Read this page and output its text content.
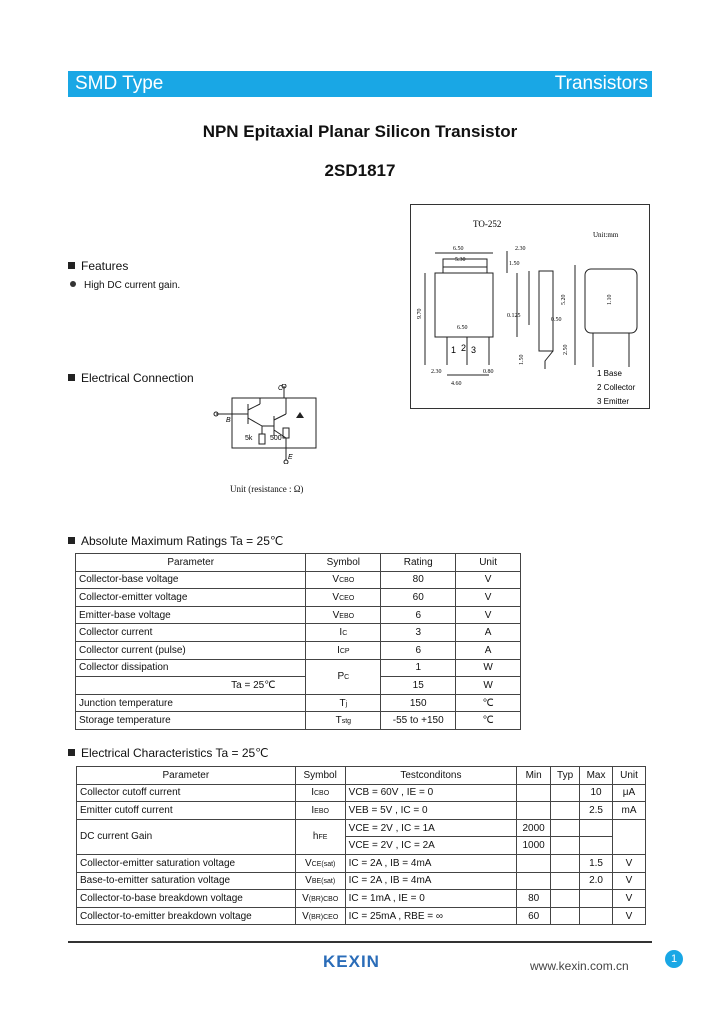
SMD Type	Transistors
NPN Epitaxial Planar Silicon Transistor
2SD1817
Features
High DC current gain.
Electrical Connection
B
C
E
5k	500
Unit (resistance : Ω)
TO-252
Unit:mm
6.50
5.30
2.30
1.50
9.70	0.125
6.50
1.50
2.30
4.60
0.80
2.50
0.50
5.20	1.10
1 2 3
1 Base
2 Collector
3 Emitter
Absolute Maximum Ratings Ta = 25℃
Parameter	Symbol	Rating	Unit
Collector-base voltage	VCBO	80	V
Collector-emitter voltage	VCEO	60	V
Emitter-base voltage	VEBO	6	V
Collector current	IC	3	A
Collector current (pulse)	ICP	6	A
Collector dissipation	PC	1	W
Ta = 25℃		15	W
Junction temperature	Tj	150	℃
Storage temperature	Tstg	-55 to +150	℃
Electrical Characteristics Ta = 25℃
Parameter	Symbol	Testconditons	Min	Typ	Max	Unit
Collector cutoff current	ICBO	VCB = 60V , IE = 0			10	μA
Emitter cutoff current	IEBO	VEB = 5V , IC = 0			2.5	mA
DC current Gain	hFE	VCE = 2V , IC = 1A	2000			
		VCE = 2V , IC = 2A	1000			
Collector-emitter saturation voltage	VCE(sat)	IC = 2A , IB = 4mA			1.5	V
Base-to-emitter saturation voltage	VBE(sat)	IC = 2A , IB = 4mA			2.0	V
Collector-to-base breakdown voltage	V(BR)CBO	IC = 1mA , IE = 0	80			V
Collector-to-emitter breakdown voltage	V(BR)CEO	IC = 25mA , RBE = ∞	60			V
KEXIN	www.kexin.com.cn	1
